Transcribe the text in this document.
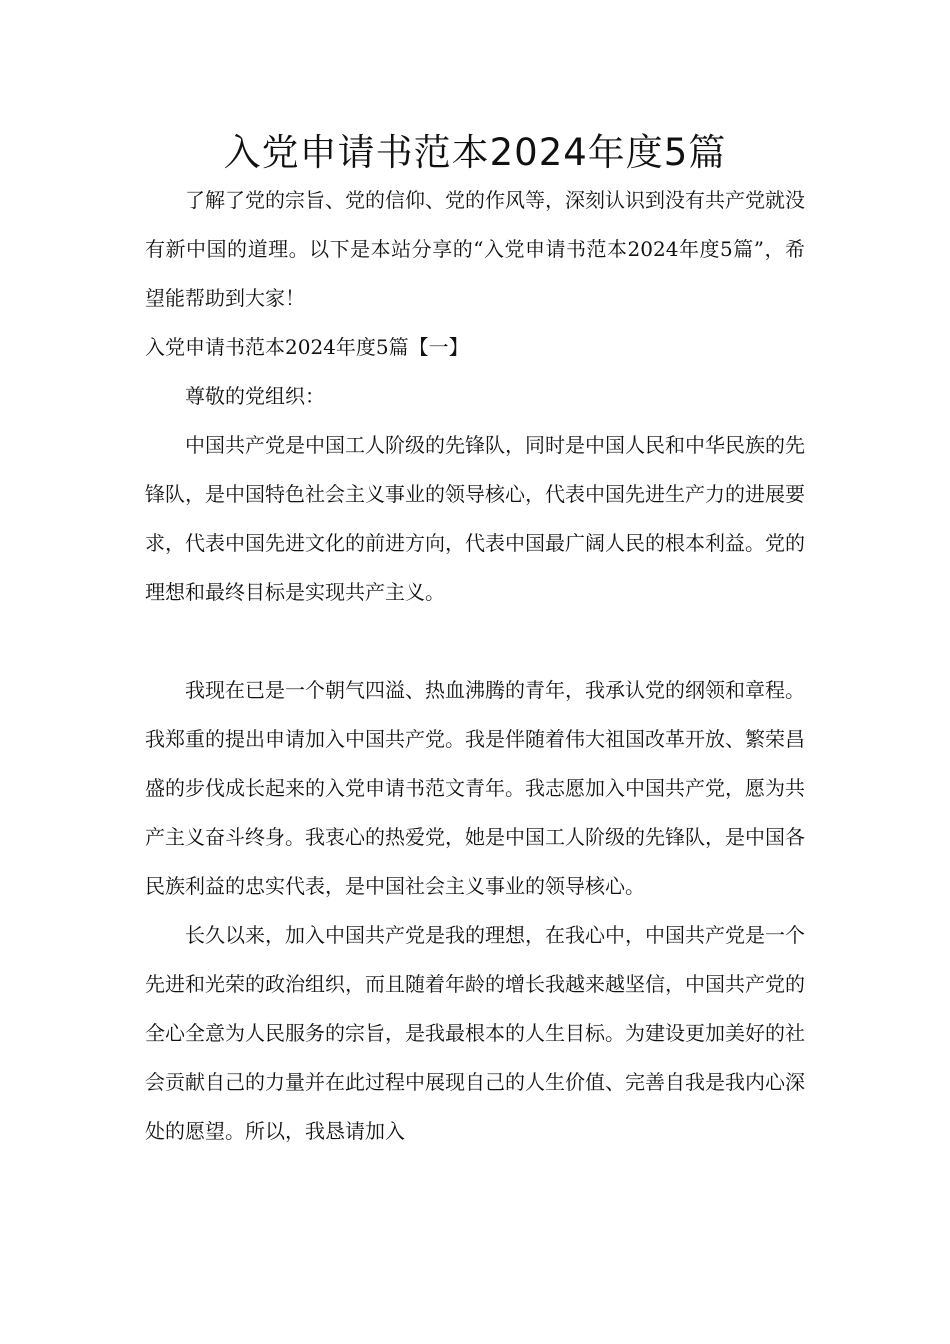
入党申请书范本2024年度5篇

了解了党的宗旨、党的信仰、党的作风等，深刻认识到没有共产党就没有新中国的道理。以下是本站分享的“入党申请书范本2024年度5篇”，希望能帮助到大家！

入党申请书范本2024年度5篇【一】

尊敬的党组织：

中国共产党是中国工人阶级的先锋队，同时是中国人民和中华民族的先锋队，是中国特色社会主义事业的领导核心，代表中国先进生产力的进展要求，代表中国先进文化的前进方向，代表中国最广阔人民的根本利益。党的理想和最终目标是实现共产主义。

我现在已是一个朝气四溢、热血沸腾的青年，我承认党的纲领和章程。我郑重的提出申请加入中国共产党。我是伴随着伟大祖国改革开放、繁荣昌盛的步伐成长起来的入党申请书范文青年。我志愿加入中国共产党，愿为共产主义奋斗终身。我衷心的热爱党，她是中国工人阶级的先锋队，是中国各民族利益的忠实代表，是中国社会主义事业的领导核心。

长久以来，加入中国共产党是我的理想，在我心中，中国共产党是一个先进和光荣的政治组织，而且随着年龄的增长我越来越坚信，中国共产党的全心全意为人民服务的宗旨，是我最根本的人生目标。为建设更加美好的社会贡献自己的力量并在此过程中展现自己的人生价值、完善自我是我内心深处的愿望。所以，我恳请加入
